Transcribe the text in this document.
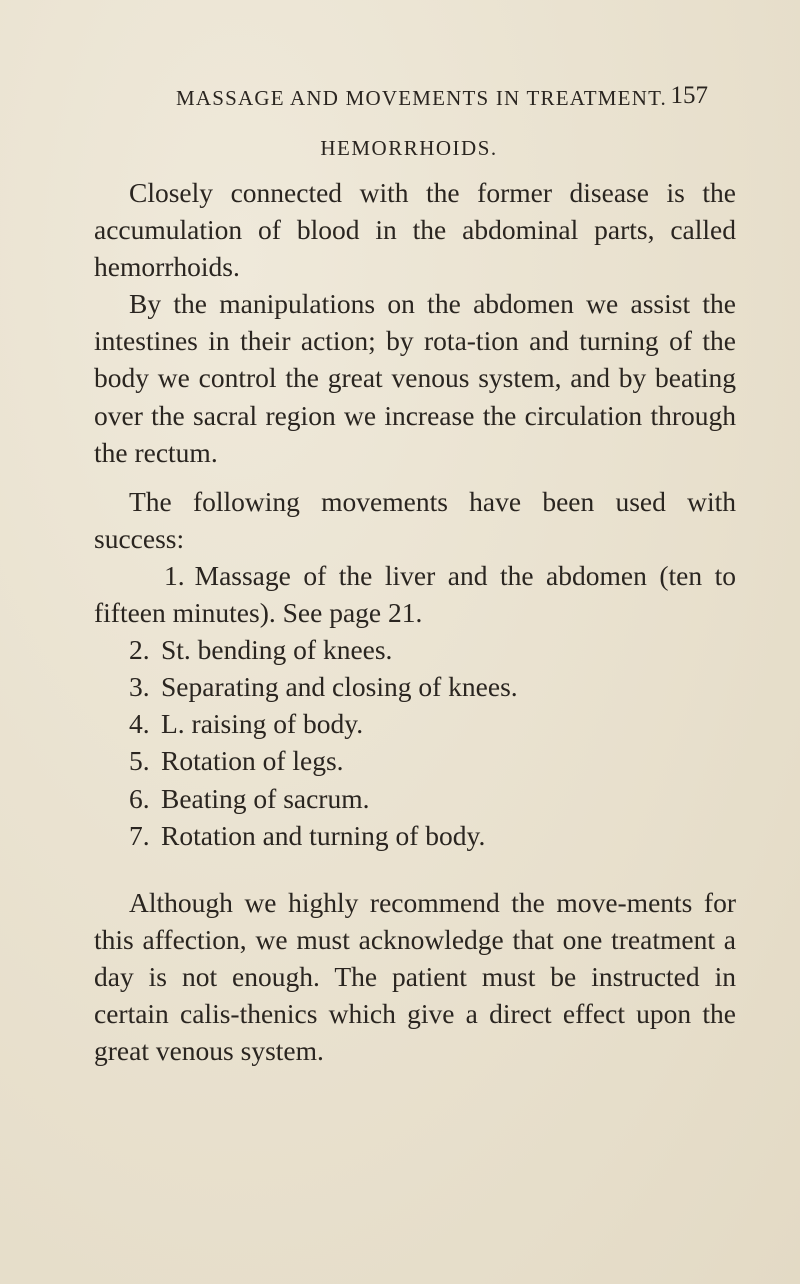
MASSAGE AND MOVEMENTS IN TREATMENT. 157
HEMORRHOIDS.

Closely connected with the former disease is the accumulation of blood in the abdominal parts, called hemorrhoids.

By the manipulations on the abdomen we assist the intestines in their action; by rota-tion and turning of the body we control the great venous system, and by beating over the sacral region we increase the circulation through the rectum.

The following movements have been used with success:

1. Massage of the liver and the abdomen (ten to fifteen minutes). See page 21.
2. St. bending of knees.
3. Separating and closing of knees.
4. L. raising of body.
5. Rotation of legs.
6. Beating of sacrum.
7. Rotation and turning of body.

Although we highly recommend the move-ments for this affection, we must acknowledge that one treatment a day is not enough. The patient must be instructed in certain calis-thenics which give a direct effect upon the great venous system.
